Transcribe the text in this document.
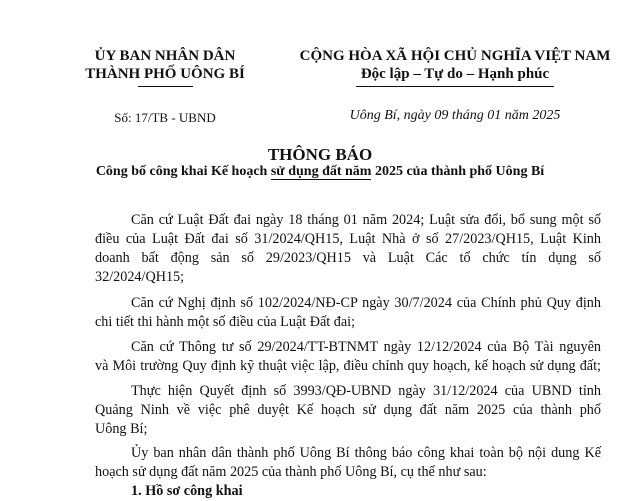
ỦY BAN NHÂN DÂN
THÀNH PHỐ UÔNG BÍ
Số: 17/TB - UBND
CỘNG HÒA XÃ HỘI CHỦ NGHĨA VIỆT NAM
Độc lập – Tự do – Hạnh phúc
Uông Bí, ngày 09 tháng 01 năm 2025
THÔNG BÁO
Công bố công khai Kế hoạch sử dụng đất năm 2025 của thành phố Uông Bí
Căn cứ Luật Đất đai ngày 18 tháng 01 năm 2024; Luật sửa đổi, bổ sung một số
điều của Luật Đất đai số 31/2024/QH15, Luật Nhà ở số 27/2023/QH15, Luật Kinh
doanh bất động sản số 29/2023/QH15 và Luật Các tổ chức tín dụng số
32/2024/QH15;
Căn cứ Nghị định số 102/2024/NĐ-CP ngày 30/7/2024 của Chính phủ Quy định
chi tiết thi hành một số điều của Luật Đất đai;
Căn cứ Thông tư số 29/2024/TT-BTNMT ngày 12/12/2024 của Bộ Tài nguyên
và Môi trường Quy định kỹ thuật việc lập, điều chỉnh quy hoạch, kế hoạch sử dụng đất;
Thực hiện Quyết định số 3993/QĐ-UBND ngày 31/12/2024 của UBND tỉnh
Quảng Ninh về việc phê duyệt Kế hoạch sử dụng đất năm 2025 của thành phố
Uông Bí;
Ủy ban nhân dân thành phố Uông Bí thông báo công khai toàn bộ nội dung Kế
hoạch sử dụng đất năm 2025 của thành phố Uông Bí, cụ thể như sau:
1. Hồ sơ công khai
